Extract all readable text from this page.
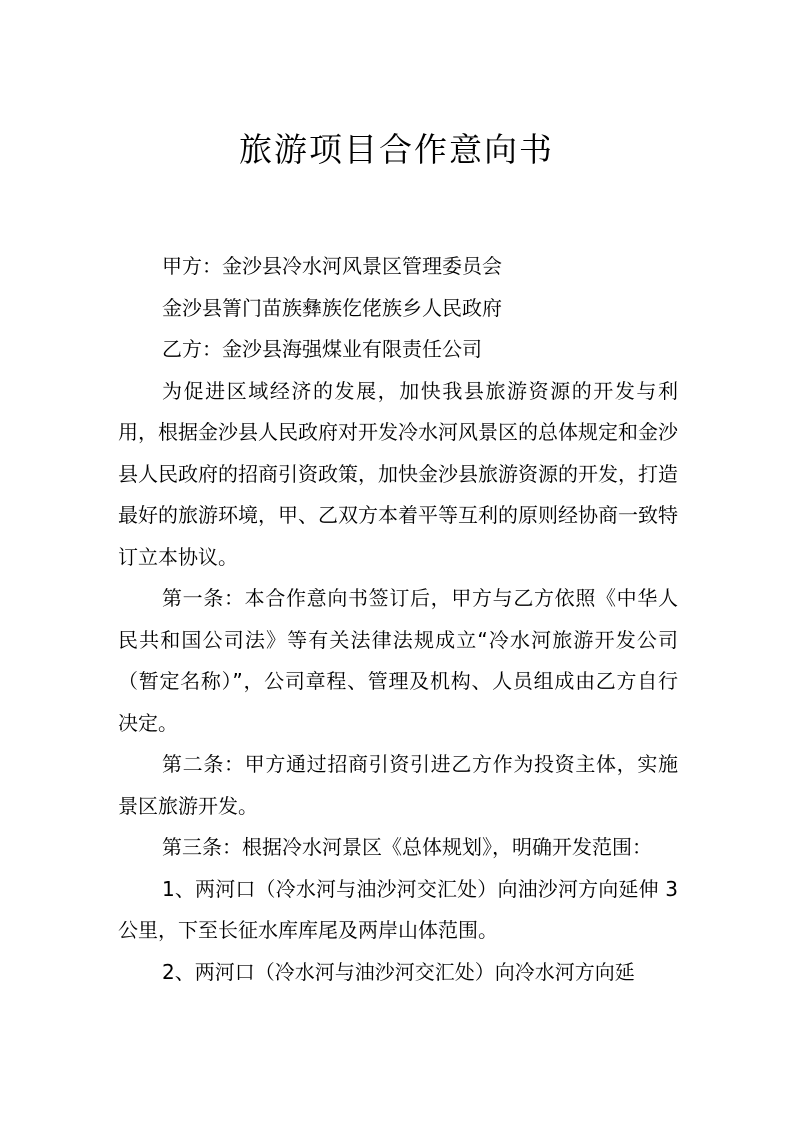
旅游项目合作意向书

甲方：金沙县冷水河风景区管理委员会

金沙县箐门苗族彝族仡佬族乡人民政府

乙方：金沙县海强煤业有限责任公司

为促进区域经济的发展，加快我县旅游资源的开发与利用，根据金沙县人民政府对开发冷水河风景区的总体规定和金沙县人民政府的招商引资政策，加快金沙县旅游资源的开发，打造最好的旅游环境，甲、乙双方本着平等互利的原则经协商一致特订立本协议。

第一条：本合作意向书签订后，甲方与乙方依照《中华人民共和国公司法》等有关法律法规成立“冷水河旅游开发公司（暂定名称）”，公司章程、管理及机构、人员组成由乙方自行决定。

第二条：甲方通过招商引资引进乙方作为投资主体，实施景区旅游开发。

第三条：根据冷水河景区《总体规划》，明确开发范围：

1、两河口（冷水河与油沙河交汇处）向油沙河方向延伸 3 公里，下至长征水库库尾及两岸山体范围。

2、两河口（冷水河与油沙河交汇处）向冷水河方向延
